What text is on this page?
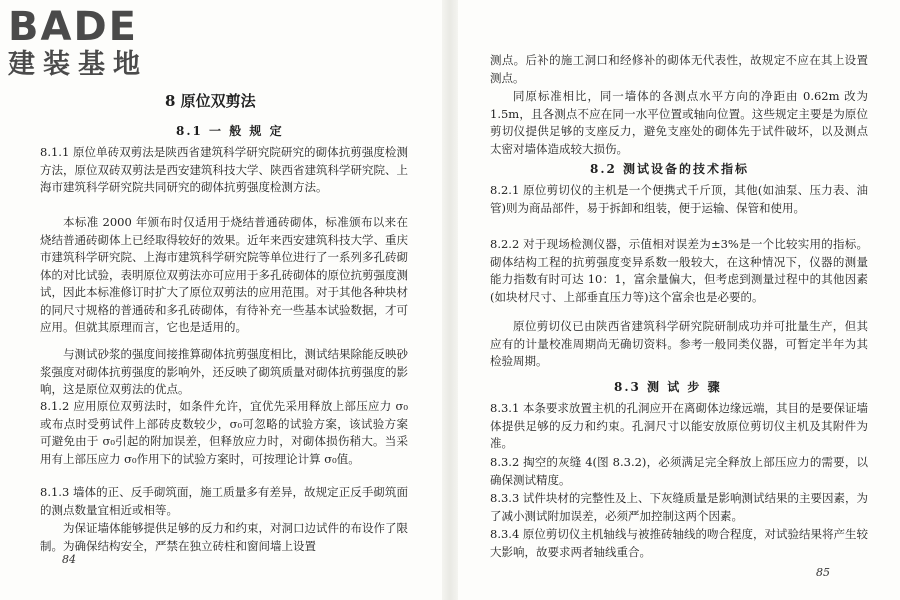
BADE
建装基地
8 原位双剪法
8.1 一 般 规 定

8.1.1 原位单砖双剪法是陕西省建筑科学研究院研究的砌体抗剪强度检测方法，原位双砖双剪法是西安建筑科技大学、陕西省建筑科学研究院、上海市建筑科学研究院共同研究的砌体抗剪强度检测方法。

本标准 2000 年颁布时仅适用于烧结普通砖砌体，标准颁布以来在烧结普通砖砌体上已经取得较好的效果。近年来西安建筑科技大学、重庆市建筑科学研究院、上海市建筑科学研究院等单位进行了一系列多孔砖砌体的对比试验，表明原位双剪法亦可应用于多孔砖砌体的原位抗剪强度测试，因此本标准修订时扩大了原位双剪法的应用范围。对于其他各种块材的同尺寸规格的普通砖和多孔砖砌体，有待补充一些基本试验数据，才可应用。但就其原理而言，它也是适用的。

与测试砂浆的强度间接推算砌体抗剪强度相比，测试结果除能反映砂浆强度对砌体抗剪强度的影响外，还反映了砌筑质量对砌体抗剪强度的影响，这是原位双剪法的优点。

8.1.2 应用原位双剪法时，如条件允许，宜优先采用释放上部压应力 σ₀或布点时受剪试件上部砖皮数较少，σ₀可忽略的试验方案，该试验方案可避免由于 σ₀引起的附加误差，但释放应力时，对砌体损伤稍大。当采用有上部压应力 σ₀作用下的试验方案时，可按理论计算 σ₀值。

8.1.3 墙体的正、反手砌筑面，施工质量多有差异，故规定正反手砌筑面的测点数量宜相近或相等。

为保证墙体能够提供足够的反力和约束，对洞口边试件的布设作了限制。为确保结构安全，严禁在独立砖柱和窗间墙上设置

84

测点。后补的施工洞口和经修补的砌体无代表性，故规定不应在其上设置测点。

同原标准相比，同一墙体的各测点水平方向的净距由 0.62m 改为 1.5m，且各测点不应在同一水平位置或轴向位置。这些规定主要是为原位剪切仪提供足够的支座反力，避免支座处的砌体先于试件破坏，以及测点太密对墙体造成较大损伤。

8.2 测试设备的技术指标

8.2.1 原位剪切仪的主机是一个便携式千斤顶，其他(如油泵、压力表、油管)则为商品部件，易于拆卸和组装，便于运输、保管和使用。

8.2.2 对于现场检测仪器，示值相对误差为±3%是一个比较实用的指标。砌体结构工程的抗剪强度变异系数一般较大，在这种情况下，仪器的测量能力指数有时可达 10：1，富余量偏大，但考虑到测量过程中的其他因素(如块材尺寸、上部垂直压力等)这个富余也是必要的。

原位剪切仪已由陕西省建筑科学研究院研制成功并可批量生产，但其应有的计量校准周期尚无确切资料。参考一般同类仪器，可暂定半年为其检验周期。

8.3 测 试 步 骤

8.3.1 本条要求放置主机的孔洞应开在离砌体边缘远端，其目的是要保证墙体提供足够的反力和约束。孔洞尺寸以能安放原位剪切仪主机及其附件为准。

8.3.2 掏空的灰缝 4(图 8.3.2)，必须满足完全释放上部压应力的需要，以确保测试精度。

8.3.3 试件块材的完整性及上、下灰缝质量是影响测试结果的主要因素，为了减小测试附加误差，必须严加控制这两个因素。

8.3.4 原位剪切仪主机轴线与被推砖轴线的吻合程度，对试验结果将产生较大影响，故要求两者轴线重合。

85
